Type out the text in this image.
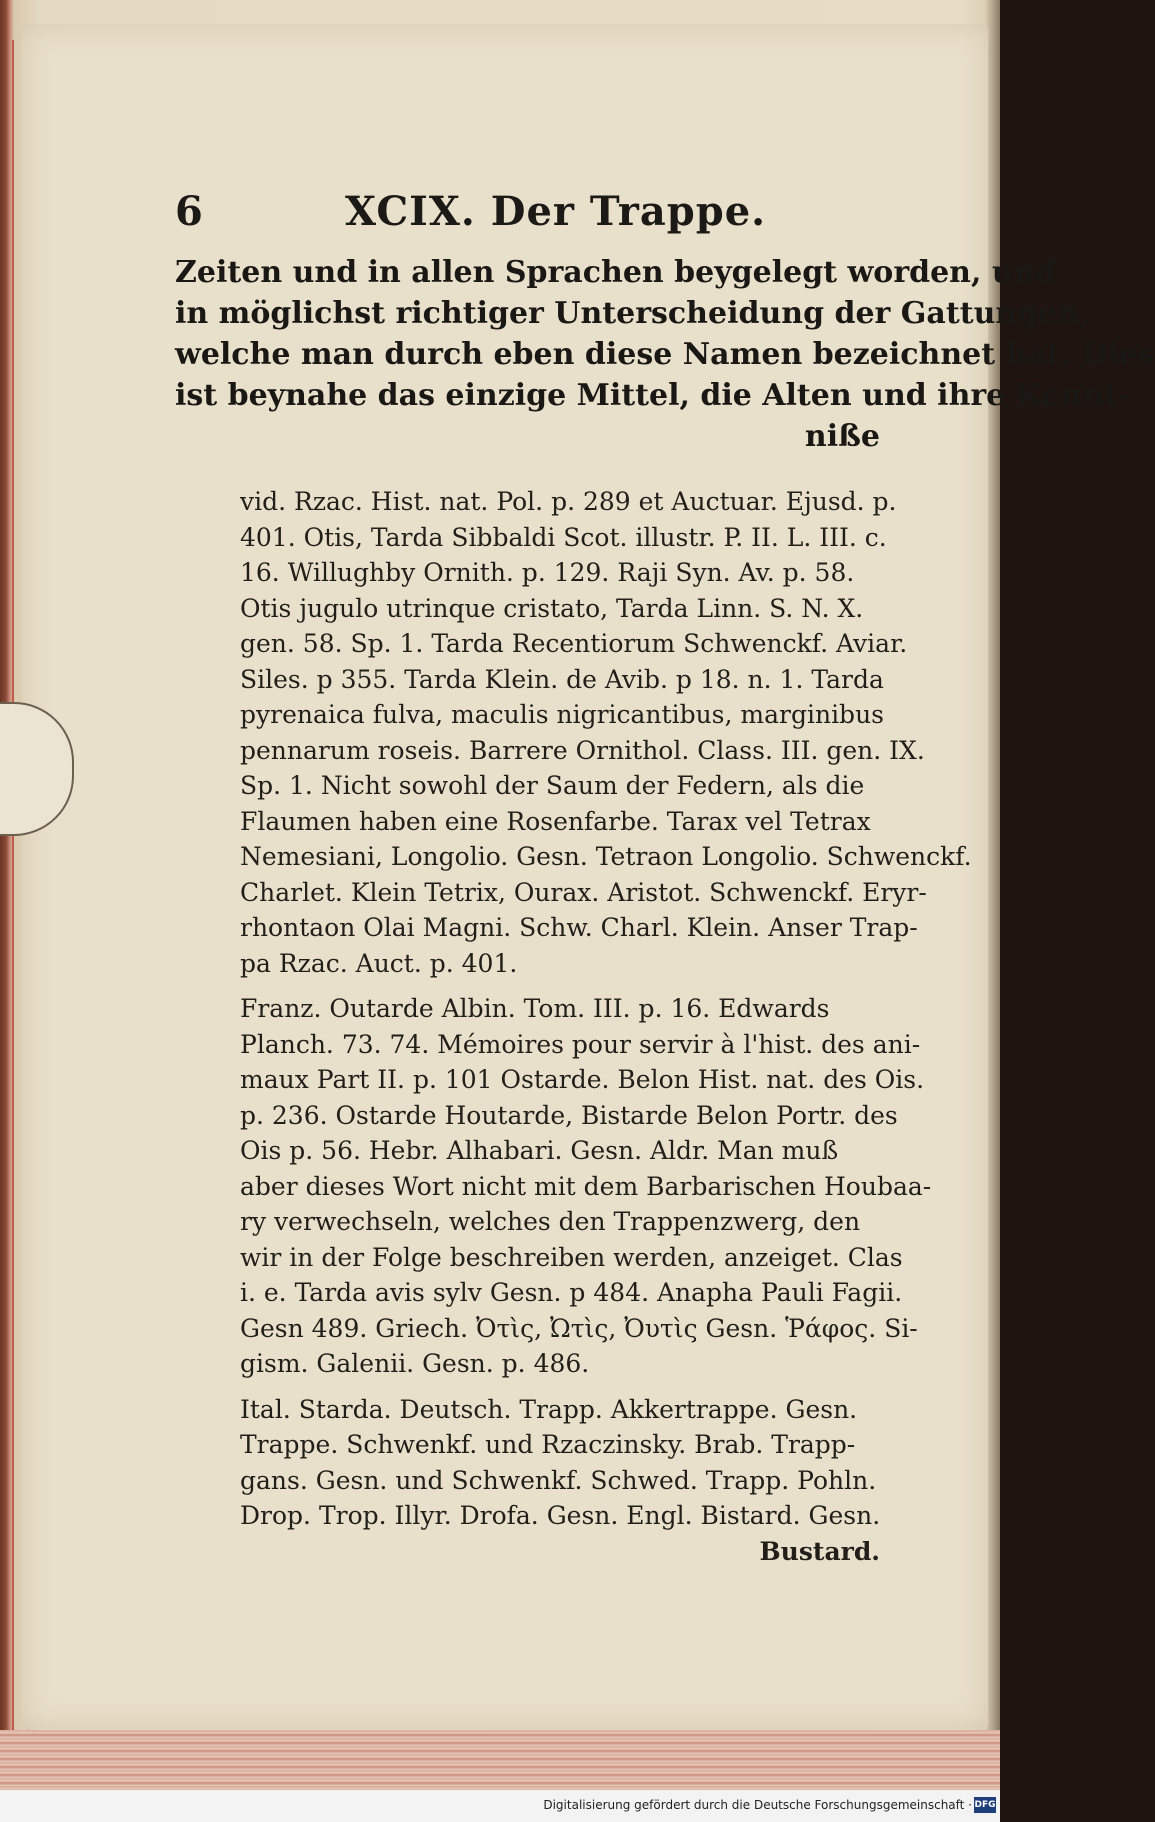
6	XCIX. Der Trappe.
Zeiten und in allen Sprachen beygelegt worden, und
in möglichst richtiger Unterscheidung der Gattungen,
welche man durch eben diese Namen bezeichnet hat. Dies
ist beynahe das einzige Mittel, die Alten und ihre Kennt-
niße
vid. Rzac. Hist. nat. Pol. p. 289 et Auctuar. Ejusd. p.
401. Otis, Tarda Sibbaldi Scot. illustr. P. II. L. III. c.
16. Willughby Ornith. p. 129. Raji Syn. Av. p. 58.
Otis jugulo utrinque cristato, Tarda Linn. S. N. X.
gen. 58. Sp. 1. Tarda Recentiorum Schwenckf. Aviar.
Siles. p 355. Tarda Klein. de Avib. p 18. n. 1. Tarda
pyrenaica fulva, maculis nigricantibus, marginibus
pennarum roseis. Barrere Ornithol. Class. III. gen. IX.
Sp. 1. Nicht sowohl der Saum der Federn, als die
Flaumen haben eine Rosenfarbe. Tarax vel Tetrax
Nemesiani, Longolio. Gesn. Tetraon Longolio. Schwenckf.
Charlet. Klein Tetrix, Ourax. Aristot. Schwenckf. Eryr-
rhontaon Olai Magni. Schw. Charl. Klein. Anser Trap-
pa Rzac. Auct. p. 401.
Franz. Outarde Albin. Tom. III. p. 16. Edwards
Planch. 73. 74. Mémoires pour servir à l'hist. des ani-
maux Part II. p. 101 Ostarde. Belon Hist. nat. des Ois.
p. 236. Ostarde Houtarde, Bistarde Belon Portr. des
Ois p. 56. Hebr. Alhabari. Gesn. Aldr. Man muß
aber dieses Wort nicht mit dem Barbarischen Houbaa-
ry verwechseln, welches den Trappenzwerg, den
wir in der Folge beschreiben werden, anzeiget. Clas
i. e. Tarda avis sylv Gesn. p 484. Anapha Pauli Fagii.
Gesn 489. Griech. Ὀτὶς, Ὠτὶς, Ὀυτὶς Gesn. Ῥάφος. Si-
gism. Galenii. Gesn. p. 486.
Ital. Starda. Deutsch. Trapp. Akkertrappe. Gesn.
Trappe. Schwenkf. und Rzaczinsky. Brab. Trapp-
gans. Gesn. und Schwenkf. Schwed. Trapp. Pohln.
Drop. Trop. Illyr. Drofa. Gesn. Engl. Bistard. Gesn.
Bustard.
Digitalisierung gefördert durch die Deutsche Forschungsgemeinschaft · DFG
